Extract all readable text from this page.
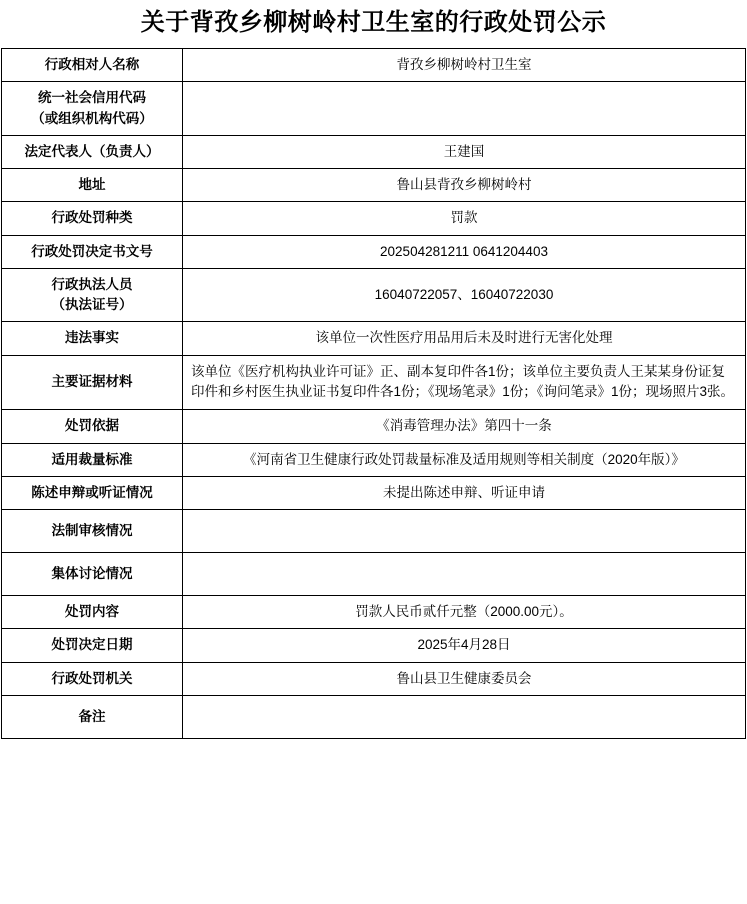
关于背孜乡柳树岭村卫生室的行政处罚公示
行政相对人名称	背孜乡柳树岭村卫生室

统一社会信用代码
（或组织机构代码）	

法定代表人（负责人）	王建国

地址	鲁山县背孜乡柳树岭村

行政处罚种类	罚款

行政处罚决定书文号	202504281211 0641204403

行政执法人员
（执法证号）	16040722057、16040722030

违法事实	该单位一次性医疗用品用后未及时进行无害化处理

主要证据材料	该单位《医疗机构执业许可证》正、副本复印件各1份；该单位主要负责人王某某身份证复印件和乡村医生执业证书复印件各1份；《现场笔录》1份；《询问笔录》1份；现场照片3张。

处罚依据	《消毒管理办法》第四十一条

适用裁量标准	《河南省卫生健康行政处罚裁量标准及适用规则等相关制度（2020年版）》

陈述申辩或听证情况	未提出陈述申辩、听证申请

法制审核情况	

集体讨论情况	

处罚内容	罚款人民币贰仟元整（2000.00元）。

处罚决定日期	2025年4月28日

行政处罚机关	鲁山县卫生健康委员会

备注	
